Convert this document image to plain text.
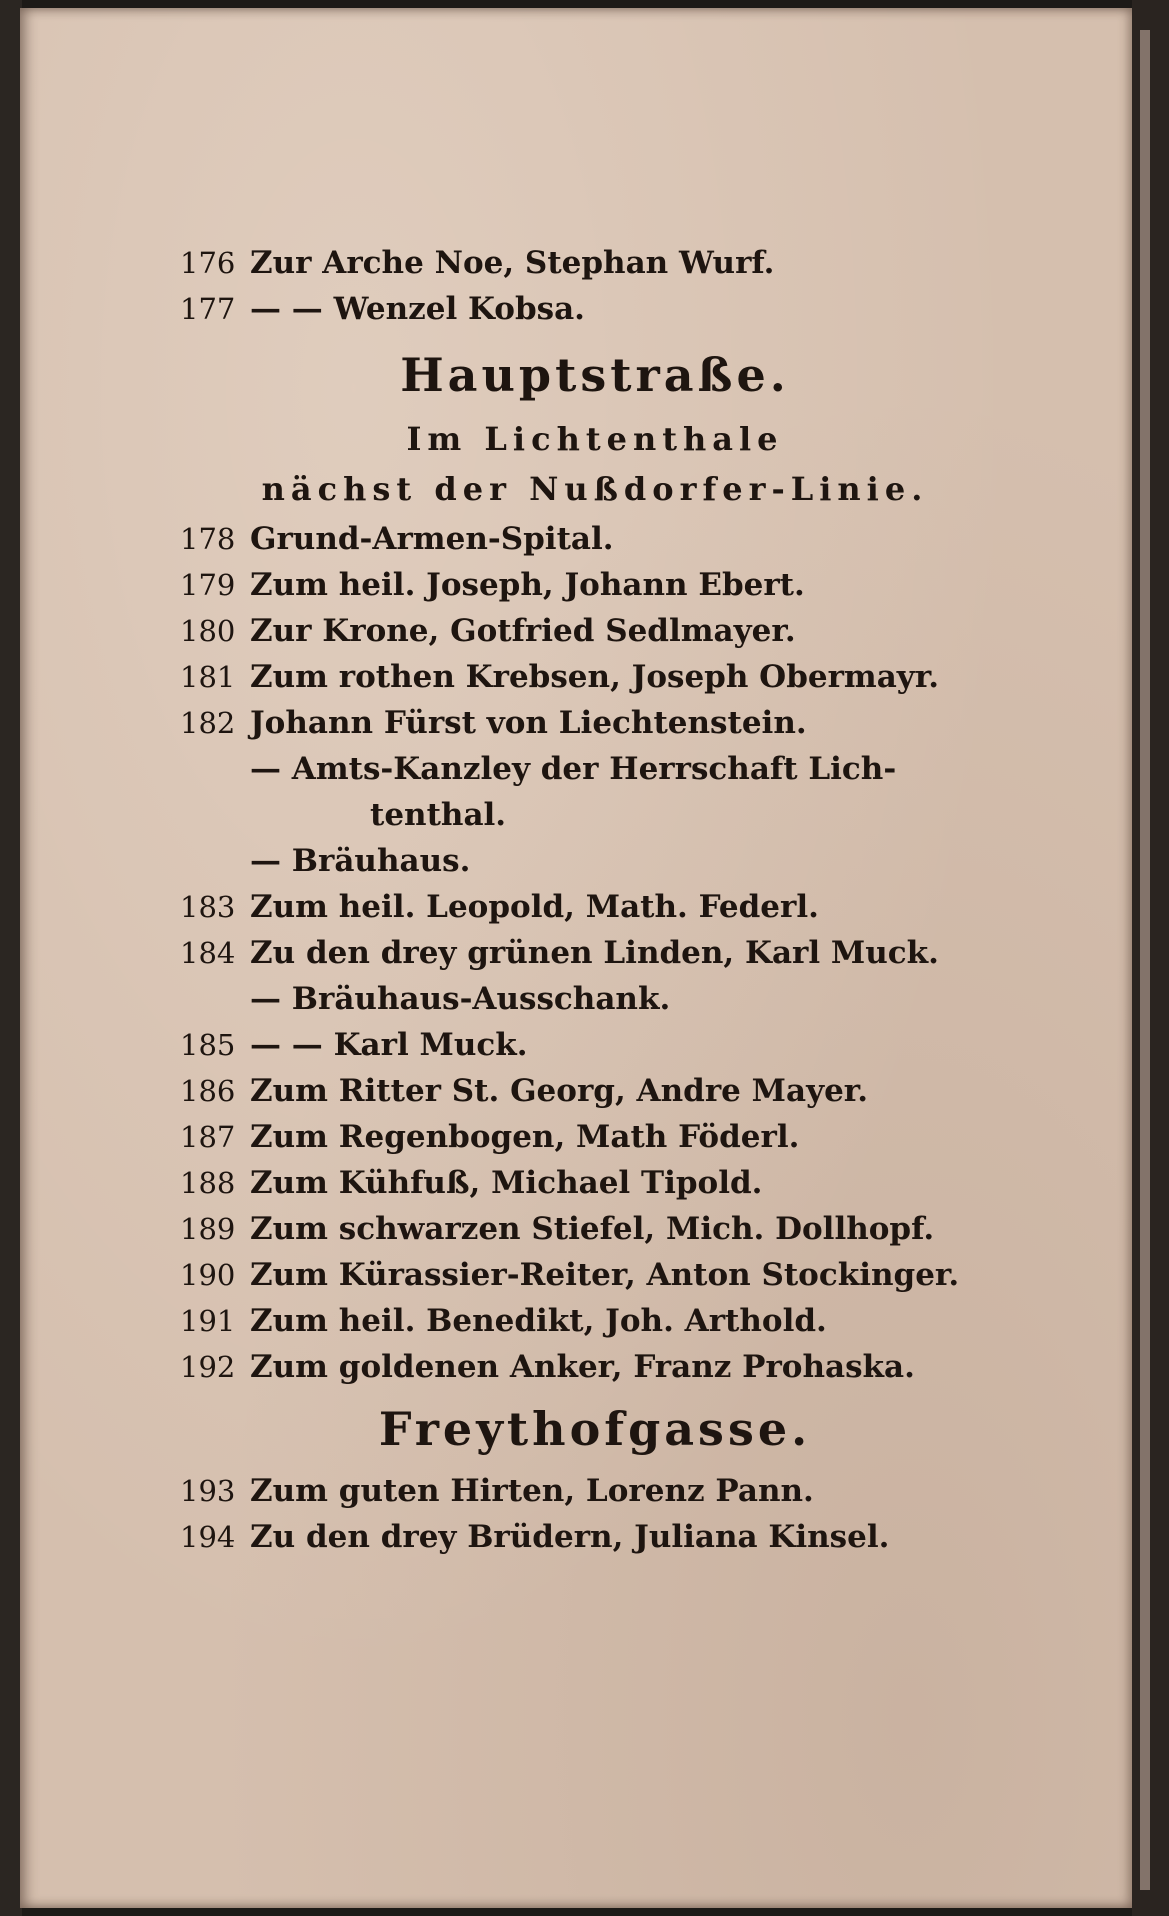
176 Zur Arche Noe, Stephan Wurf.
177 — — Wenzel Kobsa.
Hauptstraße.
Im Lichtenthale
nächst der Nußdorfer-Linie.
178 Grund-Armen-Spital.
179 Zum heil. Joseph, Johann Ebert.
180 Zur Krone, Gotfried Sedlmayer.
181 Zum rothen Krebsen, Joseph Obermayr.
182 Johann Fürst von Liechtenstein.
— Amts-Kanzley der Herrschaft Lich-
tenthal.
— Bräuhaus.
183 Zum heil. Leopold, Math. Federl.
184 Zu den drey grünen Linden, Karl Muck.
— Bräuhaus-Ausschank.
185 — — Karl Muck.
186 Zum Ritter St. Georg, Andre Mayer.
187 Zum Regenbogen, Math Föderl.
188 Zum Kühfuß, Michael Tipold.
189 Zum schwarzen Stiefel, Mich. Dollhopf.
190 Zum Kürassier-Reiter, Anton Stockinger.
191 Zum heil. Benedikt, Joh. Arthold.
192 Zum goldenen Anker, Franz Prohaska.
Freythofgasse.
193 Zum guten Hirten, Lorenz Pann.
194 Zu den drey Brüdern, Juliana Kinsel.
